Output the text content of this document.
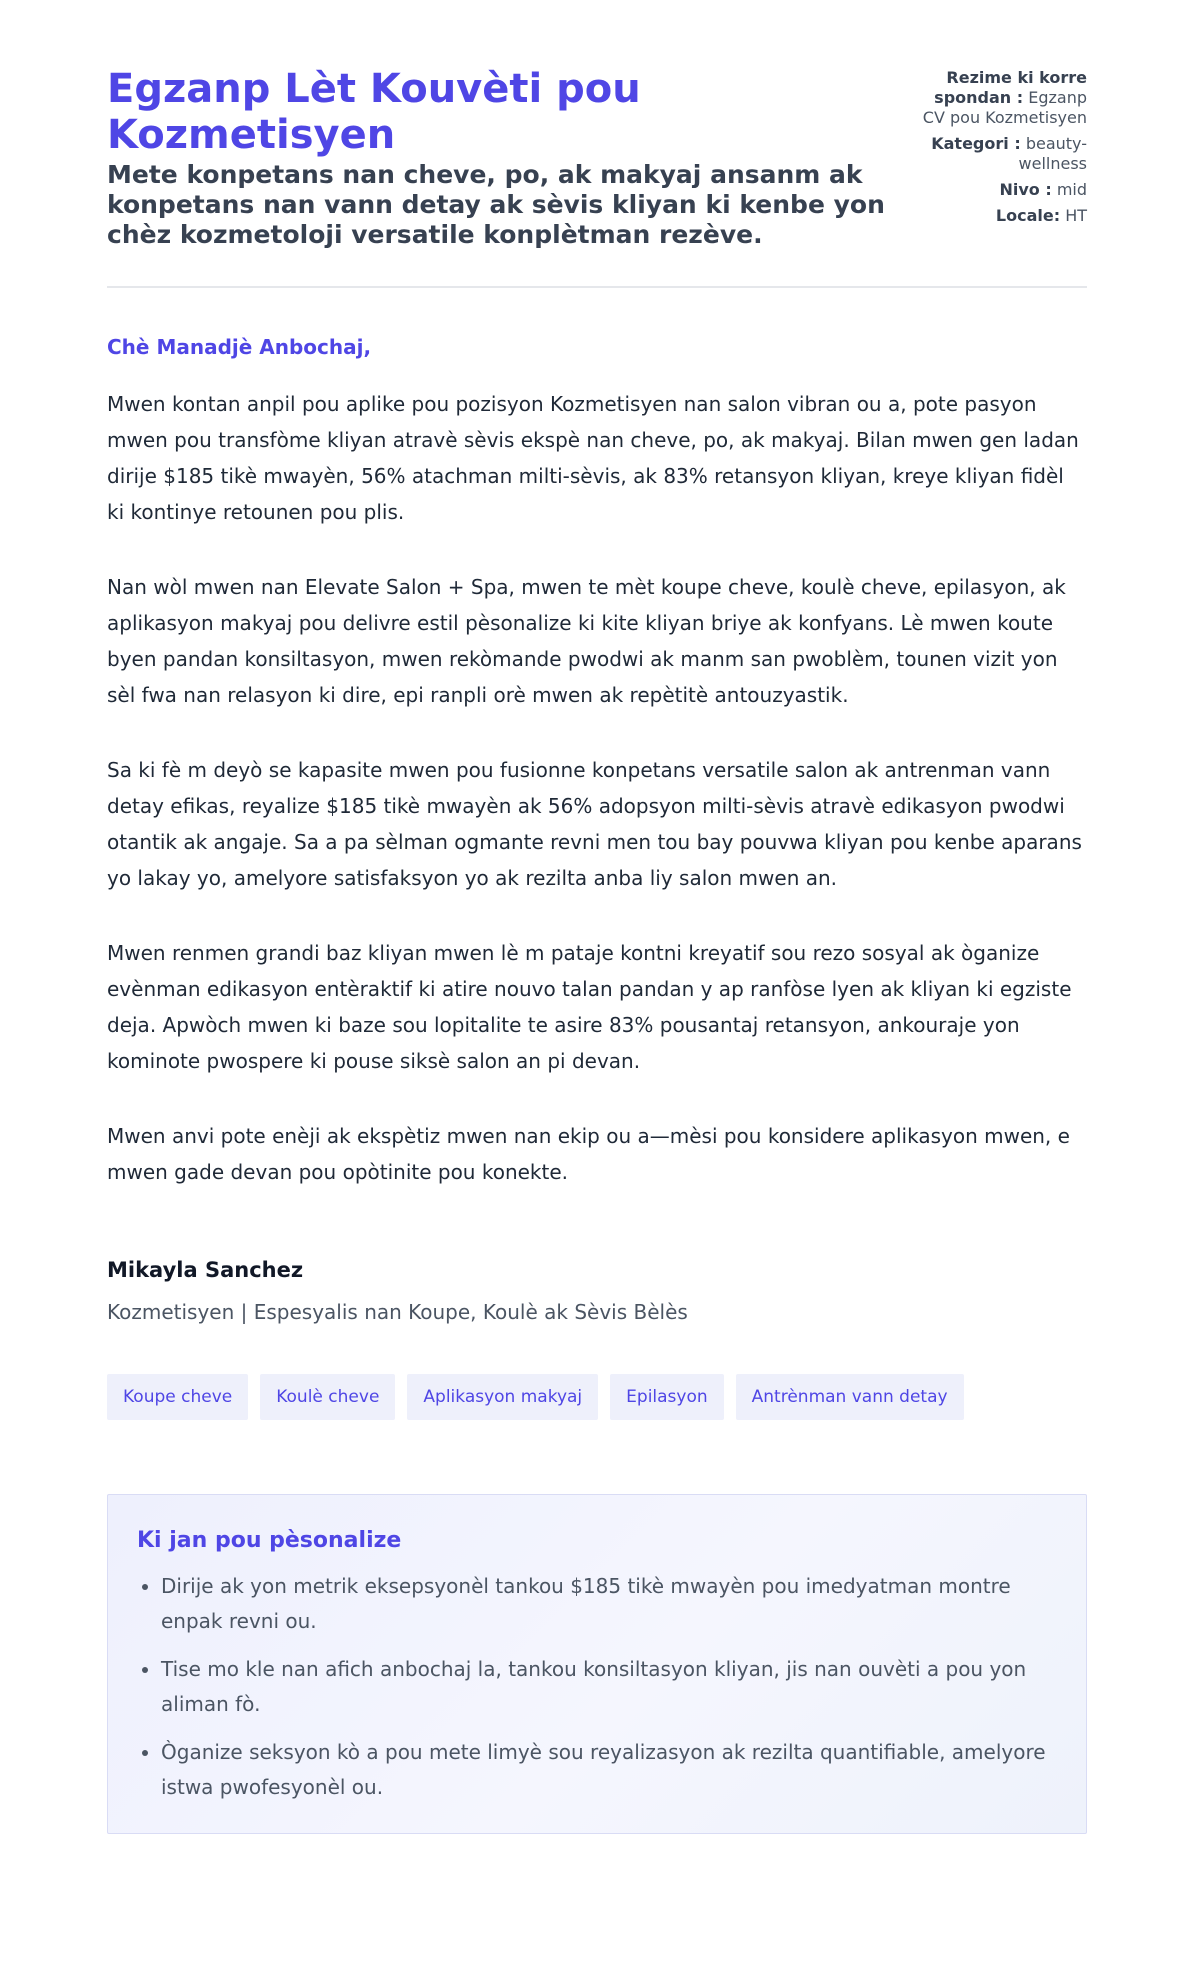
Egzanp Lèt Kouvèti pou Kozmetisyen

Mete konpetans nan cheve, po, ak makyaj ansanm ak konpetans nan vann detay ak sèvis kliyan ki kenbe yon chèz kozmetoloji versatile konplètman rezève.

Rezime ki korre spondan : Egzanp CV pou Kozmetisyen
Kategori : beauty-wellness
Nivo : mid
Locale: HT
Chè Manadjè Anbochaj,

Mwen kontan anpil pou aplike pou pozisyon Kozmetisyen nan salon vibran ou a, pote pasyon mwen pou transfòme kliyan atravè sèvis ekspè nan cheve, po, ak makyaj. Bilan mwen gen ladan dirije $185 tikè mwayèn, 56% atachman milti-sèvis, ak 83% retansyon kliyan, kreye kliyan fidèl ki kontinye retounen pou plis.

Nan wòl mwen nan Elevate Salon + Spa, mwen te mèt koupe cheve, koulè cheve, epilasyon, ak aplikasyon makyaj pou delivre estil pèsonalize ki kite kliyan briye ak konfyans. Lè mwen koute byen pandan konsiltasyon, mwen rekòmande pwodwi ak manm san pwoblèm, tounen vizit yon sèl fwa nan relasyon ki dire, epi ranpli orè mwen ak repètitè antouzyastik.

Sa ki fè m deyò se kapasite mwen pou fusionne konpetans versatile salon ak antrenman vann detay efikas, reyalize $185 tikè mwayèn ak 56% adopsyon milti-sèvis atravè edikasyon pwodwi otantik ak angaje. Sa a pa sèlman ogmante revni men tou bay pouvwa kliyan pou kenbe aparans yo lakay yo, amelyore satisfaksyon yo ak rezilta anba liy salon mwen an.

Mwen renmen grandi baz kliyan mwen lè m pataje kontni kreyatif sou rezo sosyal ak òganize evènman edikasyon entèraktif ki atire nouvo talan pandan y ap ranfòse lyen ak kliyan ki egziste deja. Apwòch mwen ki baze sou lopitalite te asire 83% pousantaj retansyon, ankouraje yon kominote pwospere ki pouse siksè salon an pi devan.

Mwen anvi pote enèji ak ekspètiz mwen nan ekip ou a—mèsi pou konsidere aplikasyon mwen, e mwen gade devan pou opòtinite pou konekte.

Mikayla Sanchez
Kozmetisyen | Espesyalis nan Koupe, Koulè ak Sèvis Bèlès
Koupe cheve	Koulè cheve	Aplikasyon makyaj	Epilasyon	Antrènman vann detay
Ki jan pou pèsonalize
• Dirije ak yon metrik eksepsyonèl tankou $185 tikè mwayèn pou imedyatman montre enpak revni ou.
• Tise mo kle nan afich anbochaj la, tankou konsiltasyon kliyan, jis nan ouvèti a pou yon aliman fò.
• Òganize seksyon kò a pou mete limyè sou reyalizasyon ak rezilta quantifiable, amelyore istwa pwofesyonèl ou.
